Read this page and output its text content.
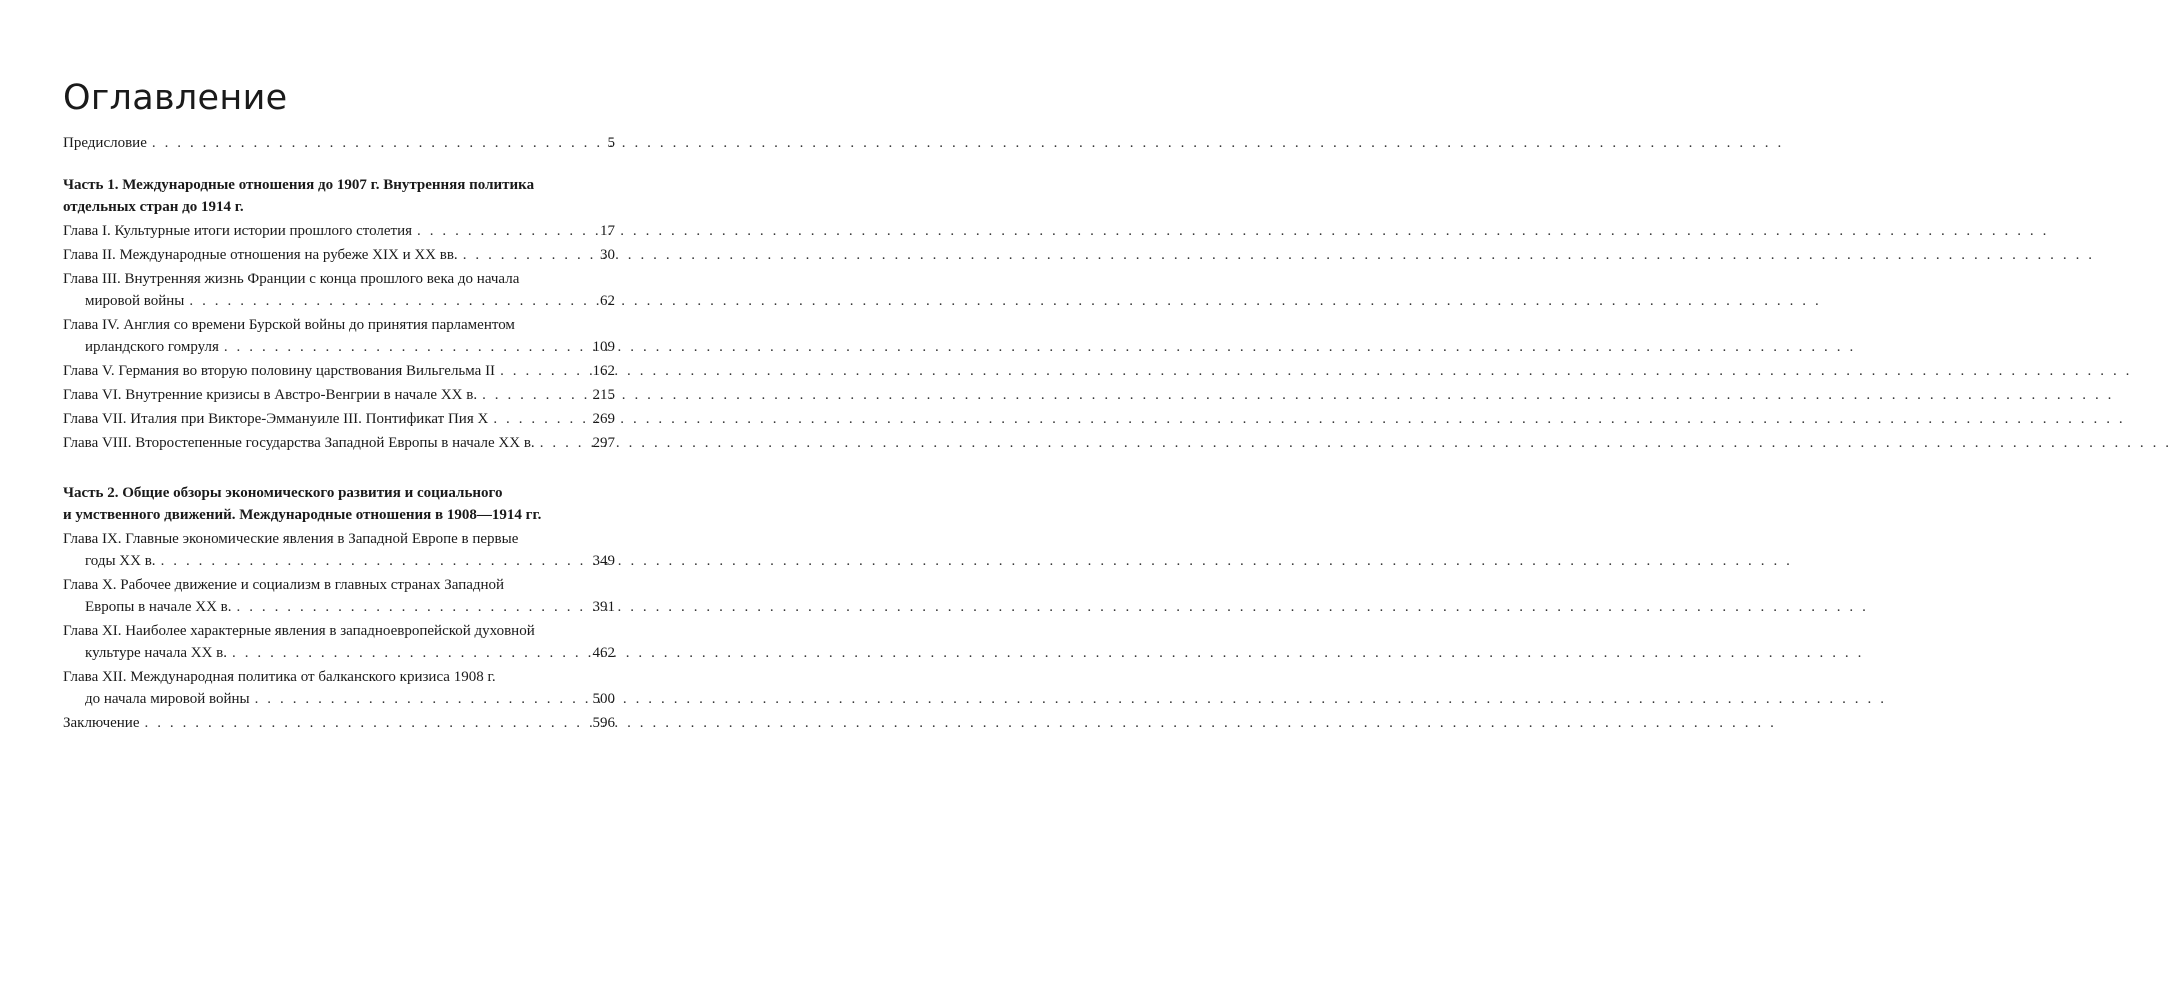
Оглавление
Предисловие . . .	5
Часть 1. Международные отношения до 1907 г. Внутренняя политика
отдельных стран до 1914 г.
Глава I. Культурные итоги истории прошлого столетия . . .	17
Глава II. Международные отношения на рубеже XIX и XX вв. . . .	30
Глава III. Внутренняя жизнь Франции с конца прошлого века до начала
мировой войны . . .	62
Глава IV. Англия со времени Бурской войны до принятия парламентом
ирландского гомруля . . .	109
Глава V. Германия во вторую половину царствования Вильгельма II . . .	162
Глава VI. Внутренние кризисы в Австро-Венгрии в начале XX в. . . .	215
Глава VII. Италия при Викторе-Эммануиле III. Понтификат Пия X . . .	269
Глава VIII. Второстепенные государства Западной Европы в начале XX в. . . .	297
Часть 2. Общие обзоры экономического развития и социального
и умственного движений. Международные отношения в 1908—1914 гг.
Глава IX. Главные экономические явления в Западной Европе в первые
годы XX в. . . .	349
Глава X. Рабочее движение и социализм в главных странах Западной
Европы в начале XX в. . . .	391
Глава XI. Наиболее характерные явления в западноевропейской духовной
культуре начала XX в. . . .	462
Глава XII. Международная политика от балканского кризиса 1908 г.
до начала мировой войны . . .	500
Заключение . . .	596
